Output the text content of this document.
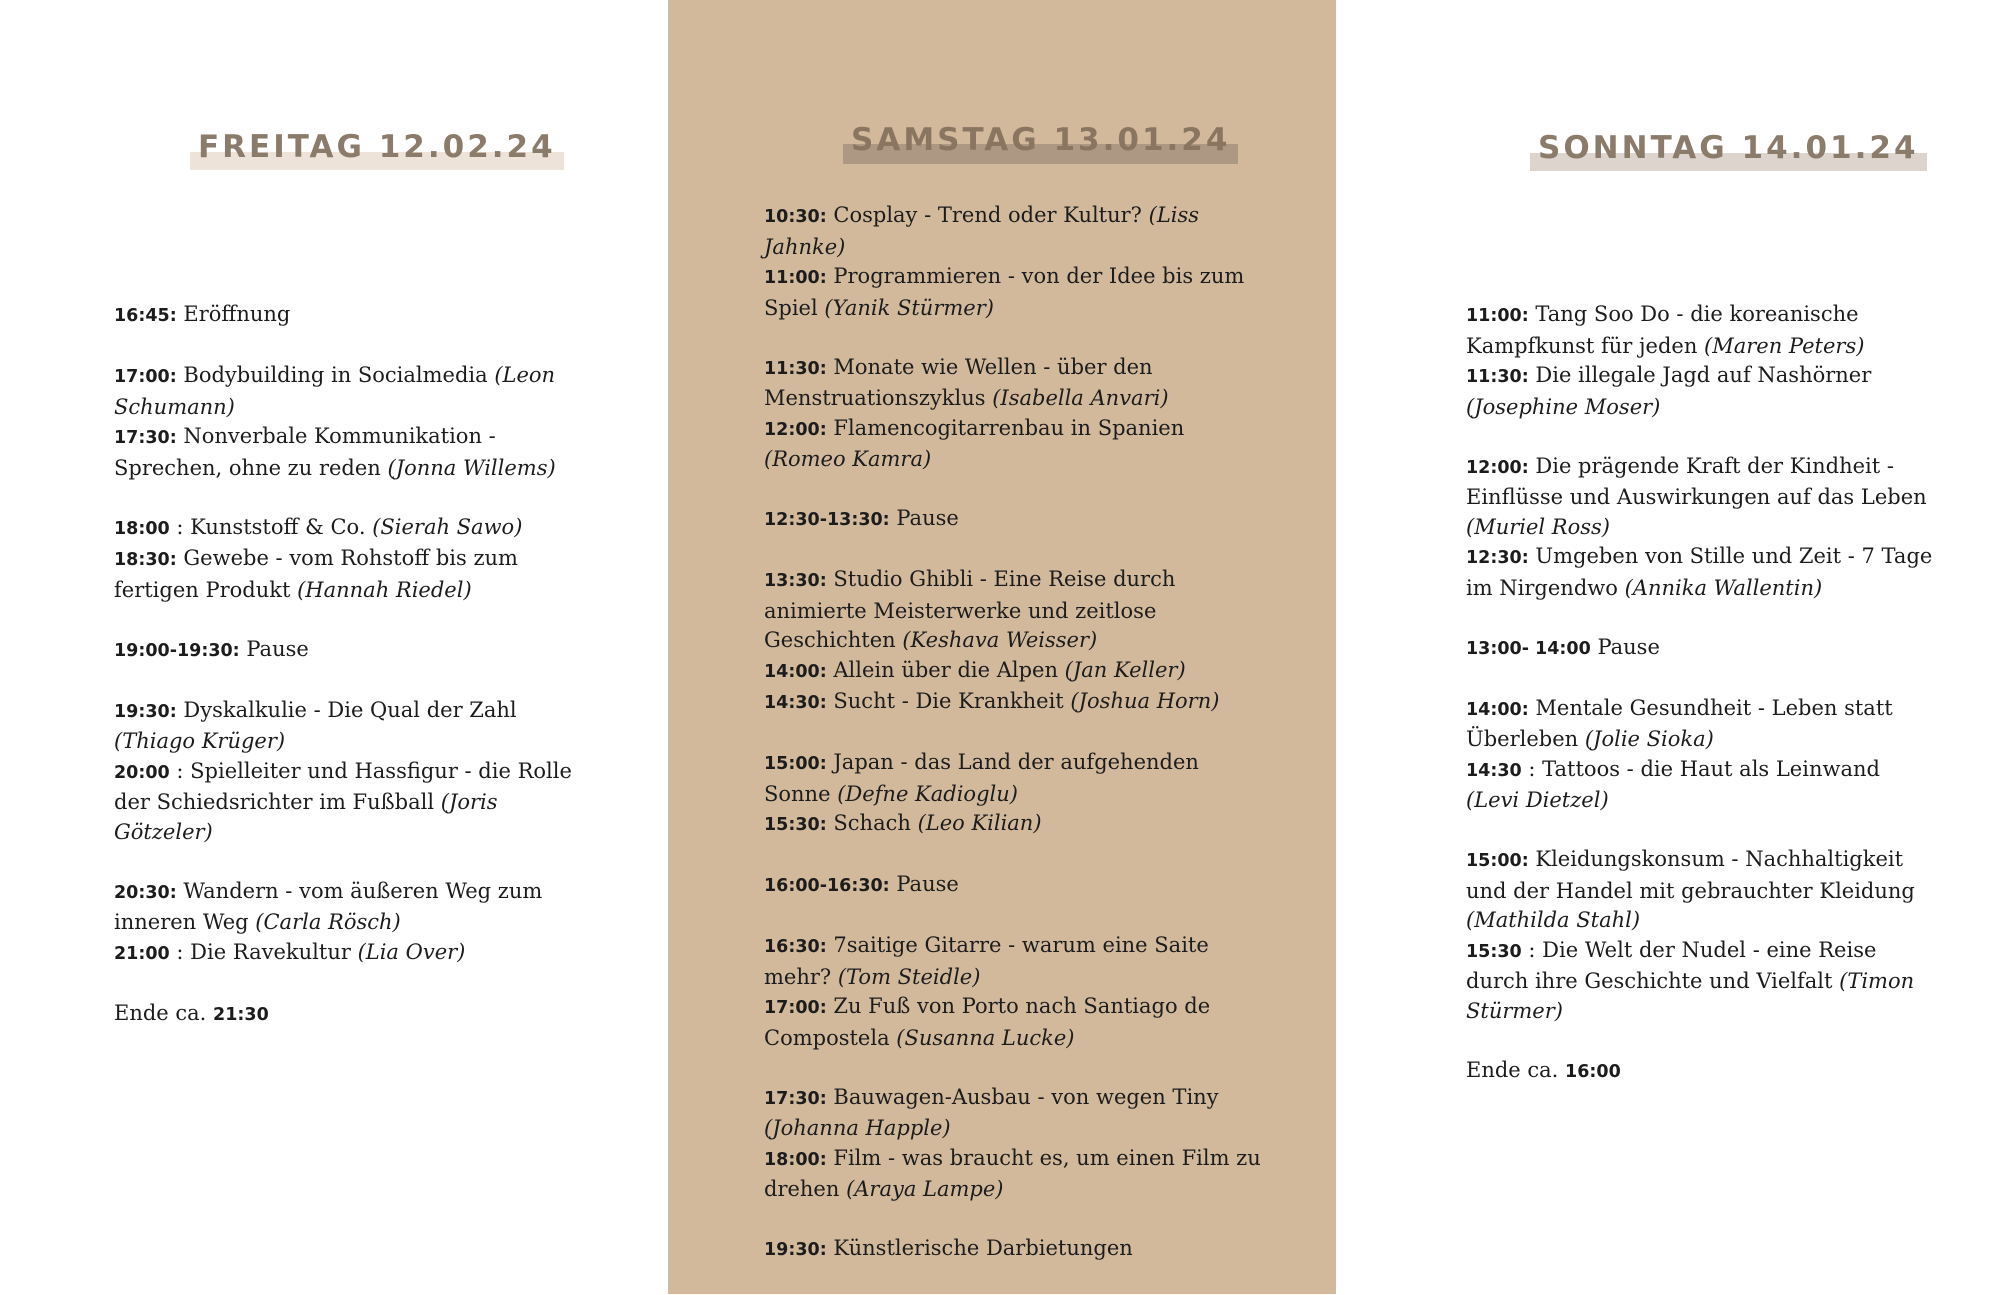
FREITAG 12.02.24

16:45: Eröffnung

17:00: Bodybuilding in Socialmedia (Leon Schumann)

17:30: Nonverbale Kommunikation - Sprechen, ohne zu reden (Jonna Willems)

18:00 : Kunststoff & Co. (Sierah Sawo)

18:30: Gewebe - vom Rohstoff bis zum fertigen Produkt (Hannah Riedel)

19:00-19:30: Pause

19:30: Dyskalkulie - Die Qual der Zahl (Thiago Krüger)

20:00 : Spielleiter und Hassfigur - die Rolle der Schiedsrichter im Fußball (Joris Götzeler)

20:30: Wandern - vom äußeren Weg zum inneren Weg (Carla Rösch)

21:00 : Die Ravekultur (Lia Over)

Ende ca. 21:30

SAMSTAG 13.01.24

10:30: Cosplay - Trend oder Kultur? (Liss Jahnke)

11:00: Programmieren - von der Idee bis zum Spiel (Yanik Stürmer)

11:30: Monate wie Wellen - über den Menstruationszyklus (Isabella Anvari)

12:00: Flamencogitarrenbau in Spanien (Romeo Kamra)

12:30-13:30: Pause

13:30: Studio Ghibli - Eine Reise durch animierte Meisterwerke und zeitlose Geschichten (Keshava Weisser)

14:00: Allein über die Alpen (Jan Keller)

14:30: Sucht - Die Krankheit (Joshua Horn)

15:00: Japan - das Land der aufgehenden Sonne (Defne Kadioglu)

15:30: Schach (Leo Kilian)

16:00-16:30: Pause

16:30: 7saitige Gitarre - warum eine Saite mehr? (Tom Steidle)

17:00: Zu Fuß von Porto nach Santiago de Compostela (Susanna Lucke)

17:30: Bauwagen-Ausbau - von wegen Tiny (Johanna Happle)

18:00: Film - was braucht es, um einen Film zu drehen (Araya Lampe)

19:30: Künstlerische Darbietungen

SONNTAG 14.01.24

11:00: Tang Soo Do - die koreanische Kampfkunst für jeden (Maren Peters)

11:30: Die illegale Jagd auf Nashörner (Josephine Moser)

12:00: Die prägende Kraft der Kindheit - Einflüsse und Auswirkungen auf das Leben (Muriel Ross)

12:30: Umgeben von Stille und Zeit - 7 Tage im Nirgendwo (Annika Wallentin)

13:00- 14:00 Pause

14:00: Mentale Gesundheit - Leben statt Überleben (Jolie Sioka)

14:30 : Tattoos - die Haut als Leinwand (Levi Dietzel)

15:00: Kleidungskonsum - Nachhaltigkeit und der Handel mit gebrauchter Kleidung (Mathilda Stahl)

15:30 : Die Welt der Nudel - eine Reise durch ihre Geschichte und Vielfalt (Timon Stürmer)

Ende ca. 16:00
